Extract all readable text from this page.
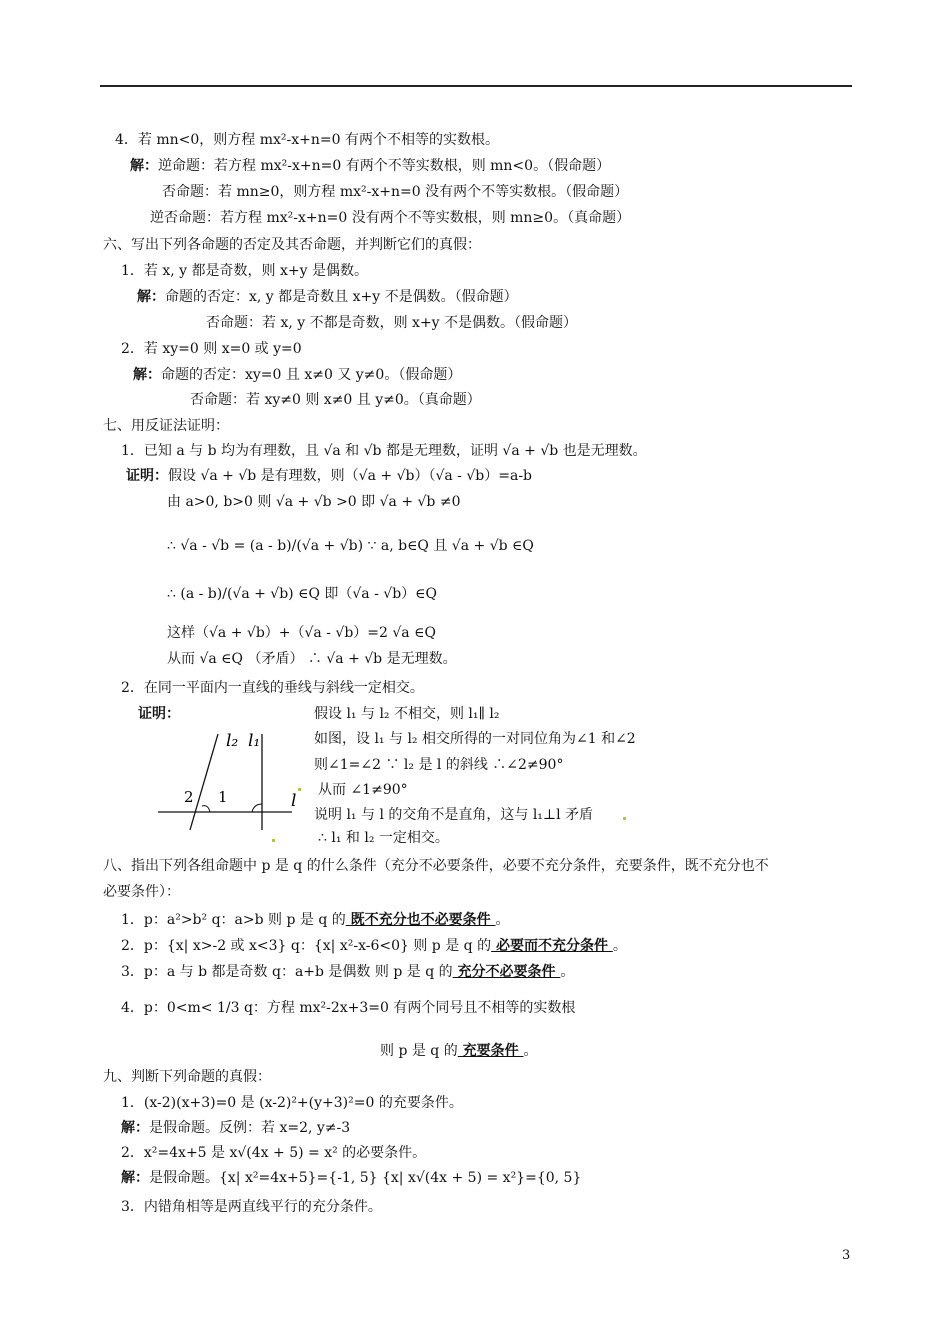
4．若 mn<0，则方程 mx²-x+n=0 有两个不相等的实数根。
解：逆命题：若方程 mx²-x+n=0 有两个不等实数根，则 mn<0。（假命题）
否命题：若 mn≥0，则方程 mx²-x+n=0 没有两个不等实数根。（假命题）
逆否命题：若方程 mx²-x+n=0 没有两个不等实数根，则 mn≥0。（真命题）
六、写出下列各命题的否定及其否命题，并判断它们的真假：
1．若 x, y 都是奇数，则 x+y 是偶数。
解：命题的否定：x, y 都是奇数且 x+y 不是偶数。（假命题）
否命题：若 x, y 不都是奇数，则 x+y 不是偶数。（假命题）
2．若 xy=0 则 x=0 或 y=0
解：命题的否定：xy=0 且 x≠0 又 y≠0。（假命题）
否命题：若 xy≠0 则 x≠0 且 y≠0。（真命题）
七、用反证法证明：
1．已知 a 与 b 均为有理数，且 √a 和 √b 都是无理数，证明 √a + √b 也是无理数。
证明：假设 √a + √b 是有理数，则（√a + √b）（√a - √b）=a-b
由 a>0, b>0 则 √a + √b >0 即 √a + √b ≠0
∴ √a - √b = (a - b)/(√a + √b) ∵ a, b∈Q 且 √a + √b ∈Q
∴ (a - b)/(√a + √b) ∈Q 即（√a - √b）∈Q
这样（√a + √b）+（√a - √b）=2 √a ∈Q
从而 √a ∈Q （矛盾） ∴ √a + √b 是无理数。
2．在同一平面内一直线的垂线与斜线一定相交。
证明：	假设 l₁ 与 l₂ 不相交，则 l₁∥ l₂
如图，设 l₁ 与 l₂ 相交所得的一对同位角为∠1 和∠2
则∠1=∠2 ∵ l₂ 是 l 的斜线 ∴∠2≠90°
从而 ∠1≠90°
说明 l₁ 与 l 的交角不是直角，这与 l₁⊥l 矛盾
∴ l₁ 和 l₂ 一定相交。
八、指出下列各组命题中 p 是 q 的什么条件（充分不必要条件，必要不充分条件，充要条件，既不充分也不
必要条件）：
1．p：a²>b² q：a>b 则 p 是 q 的 既不充分也不必要条件 。
2．p：{x| x>-2 或 x<3} q：{x| x²-x-6<0} 则 p 是 q 的 必要而不充分条件 。
3．p：a 与 b 都是奇数 q：a+b 是偶数 则 p 是 q 的 充分不必要条件 。
4．p：0<m< 1/3 q：方程 mx²-2x+3=0 有两个同号且不相等的实数根
则 p 是 q 的 充要条件 。
九、判断下列命题的真假：
1．(x-2)(x+3)=0 是 (x-2)²+(y+3)²=0 的充要条件。
解：是假命题。反例：若 x=2, y≠-3
2．x²=4x+5 是 x√(4x + 5) = x² 的必要条件。
解：是假命题。{x| x²=4x+5}={-1, 5} {x| x√(4x + 5) = x²}={0, 5}
3．内错角相等是两直线平行的充分条件。
l₂ l₁
l
2 1
3
